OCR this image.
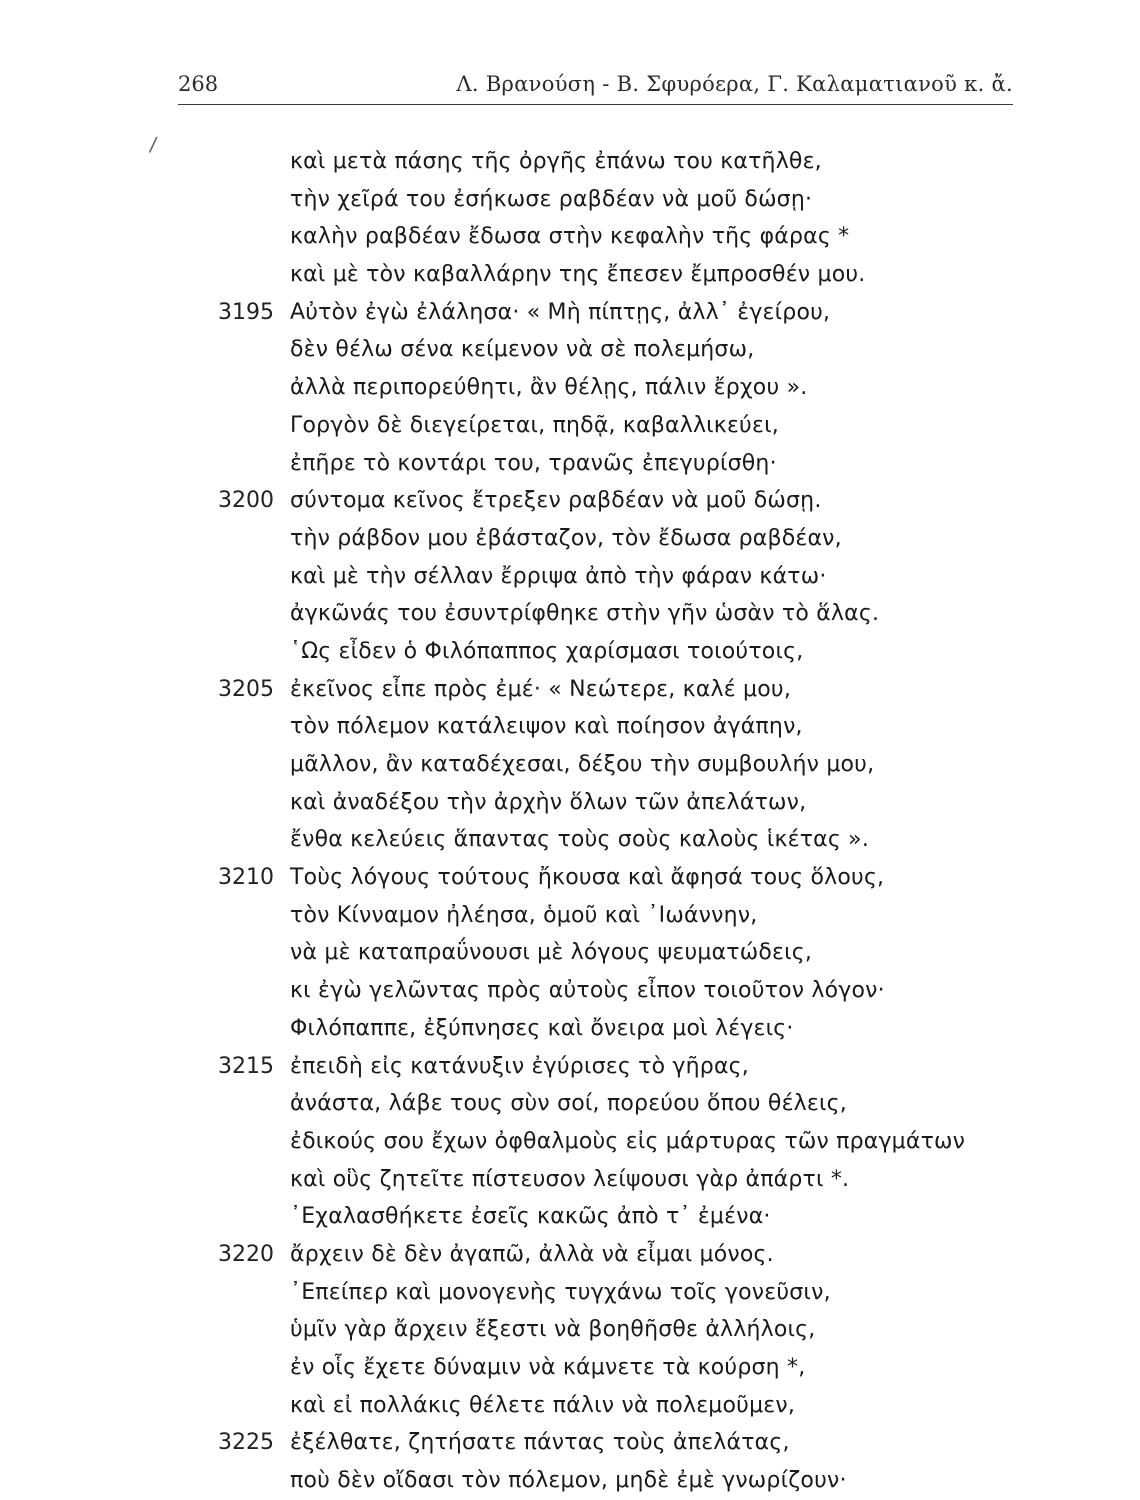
268	Λ. Βρανούση - Β. Σφυρόερα, Γ. Καλαματιανοῦ κ. ἄ.
/
καὶ μετὰ πάσης τῆς ὀργῆς ἐπάνω του κατῆλθε,
τὴν χεῖρά του ἐσήκωσε ραβδέαν νὰ μοῦ δώσῃ·
καλὴν ραβδέαν ἔδωσα στὴν κεφαλὴν τῆς φάρας *
καὶ μὲ τὸν καβαλλάρην της ἔπεσεν ἔμπροσθέν μου.
3195 Αὐτὸν ἐγὼ ἐλάλησα· « Μὴ πίπτῃς, ἀλλ᾽ ἐγείρου,
δὲν θέλω σένα κείμενον νὰ σὲ πολεμήσω,
ἀλλὰ περιπορεύθητι, ἂν θέλῃς, πάλιν ἔρχου ».
Γοργὸν δὲ διεγείρεται, πηδᾷ, καβαλλικεύει,
ἐπῆρε τὸ κοντάρι του, τρανῶς ἐπεγυρίσθη·
3200 σύντομα κεῖνος ἔτρεξεν ραβδέαν νὰ μοῦ δώσῃ.
τὴν ράβδον μου ἐβάσταζον, τὸν ἔδωσα ραβδέαν,
καὶ μὲ τὴν σέλλαν ἔρριψα ἀπὸ τὴν φάραν κάτω·
ἀγκῶνάς του ἐσυντρίφθηκε στὴν γῆν ὡσὰν τὸ ἅλας.
῾Ως εἶδεν ὁ Φιλόπαππος χαρίσμασι τοιούτοις,
3205 ἐκεῖνος εἶπε πρὸς ἐμέ· « Νεώτερε, καλέ μου,
τὸν πόλεμον κατάλειψον καὶ ποίησον ἀγάπην,
μᾶλλον, ἂν καταδέχεσαι, δέξου τὴν συμβουλήν μου,
καὶ ἀναδέξου τὴν ἀρχὴν ὅλων τῶν ἀπελάτων,
ἔνθα κελεύεις ἅπαντας τοὺς σοὺς καλοὺς ἱκέτας ».
3210 Τοὺς λόγους τούτους ἤκουσα καὶ ἄφησά τους ὅλους,
τὸν Κίνναμον ἠλέησα, ὁμοῦ καὶ ᾿Ιωάννην,
νὰ μὲ καταπραΰνουσι μὲ λόγους ψευματώδεις,
κι ἐγὼ γελῶντας πρὸς αὐτοὺς εἶπον τοιοῦτον λόγον·
Φιλόπαππε, ἐξύπνησες καὶ ὄνειρα μοὶ λέγεις·
3215 ἐπειδὴ εἰς κατάνυξιν ἐγύρισες τὸ γῆρας,
ἀνάστα, λάβε τους σὺν σοί, πορεύου ὅπου θέλεις,
ἐδικούς σου ἔχων ὀφθαλμοὺς εἰς μάρτυρας τῶν πραγμάτων
καὶ οὓς ζητεῖτε πίστευσον λείψουσι γὰρ ἀπάρτι *.
᾿Εχαλασθήκετε ἐσεῖς κακῶς ἀπὸ τ᾽ ἐμένα·
3220 ἄρχειν δὲ δὲν ἀγαπῶ, ἀλλὰ νὰ εἶμαι μόνος.
᾿Επείπερ καὶ μονογενὴς τυγχάνω τοῖς γονεῦσιν,
ὑμῖν γὰρ ἄρχειν ἔξεστι νὰ βοηθῆσθε ἀλλήλοις,
ἐν οἷς ἔχετε δύναμιν νὰ κάμνετε τὰ κούρση *,
καὶ εἰ πολλάκις θέλετε πάλιν νὰ πολεμοῦμεν,
3225 ἐξέλθατε, ζητήσατε πάντας τοὺς ἀπελάτας,
ποὺ δὲν οἴδασι τὸν πόλεμον, μηδὲ ἐμὲ γνωρίζουν·
